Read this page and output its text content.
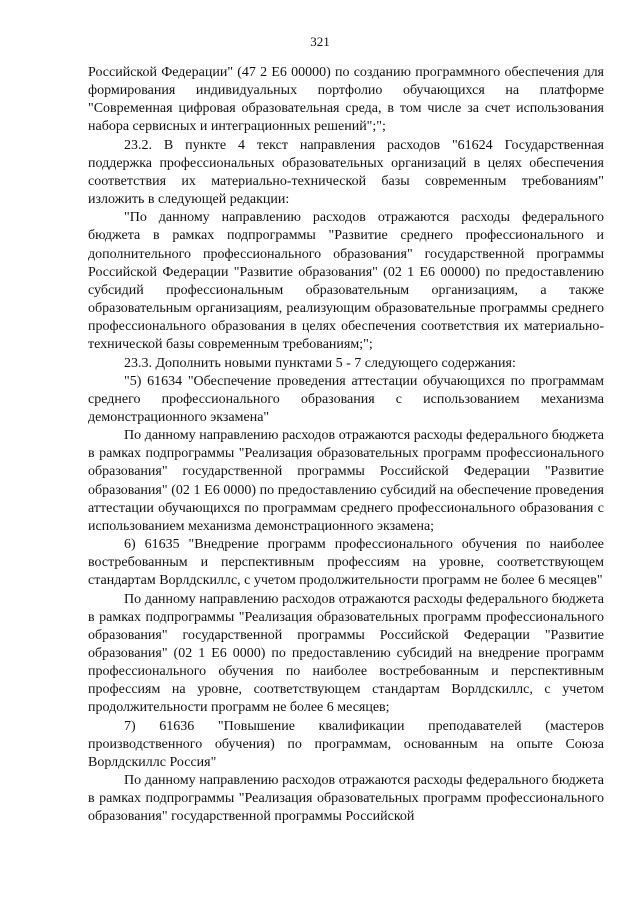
321

Российской Федерации" (47 2 Е6 00000) по созданию программного обеспечения для формирования индивидуальных портфолио обучающихся на платформе "Современная цифровая образовательная среда, в том числе за счет использования набора сервисных и интеграционных решений";";

23.2. В пункте 4 текст направления расходов "61624 Государственная поддержка профессиональных образовательных организаций в целях обеспечения соответствия их материально-технической базы современным требованиям" изложить в следующей редакции:

"По данному направлению расходов отражаются расходы федерального бюджета в рамках подпрограммы "Развитие среднего профессионального и дополнительного профессионального образования" государственной программы Российской Федерации "Развитие образования" (02 1 Е6 00000) по предоставлению субсидий профессиональным образовательным организациям, а также образовательным организациям, реализующим образовательные программы среднего профессионального образования в целях обеспечения соответствия их материально-технической базы современным требованиям;";

23.3. Дополнить новыми пунктами 5 - 7 следующего содержания:

"5) 61634 "Обеспечение проведения аттестации обучающихся по программам среднего профессионального образования с использованием механизма демонстрационного экзамена"

По данному направлению расходов отражаются расходы федерального бюджета в рамках подпрограммы "Реализация образовательных программ профессионального образования" государственной программы Российской Федерации "Развитие образования" (02 1 Е6 0000) по предоставлению субсидий на обеспечение проведения аттестации обучающихся по программам среднего профессионального образования с использованием механизма демонстрационного экзамена;

6) 61635 "Внедрение программ профессионального обучения по наиболее востребованным и перспективным профессиям на уровне, соответствующем стандартам Ворлдскиллс, с учетом продолжительности программ не более 6 месяцев"

По данному направлению расходов отражаются расходы федерального бюджета в рамках подпрограммы "Реализация образовательных программ профессионального образования" государственной программы Российской Федерации "Развитие образования" (02 1 Е6 0000) по предоставлению субсидий на внедрение программ профессионального обучения по наиболее востребованным и перспективным профессиям на уровне, соответствующем стандартам Ворлдскиллс, с учетом продолжительности программ не более 6 месяцев;

7) 61636 "Повышение квалификации преподавателей (мастеров производственного обучения) по программам, основанным на опыте Союза Ворлдскиллс Россия"

По данному направлению расходов отражаются расходы федерального бюджета в рамках подпрограммы "Реализация образовательных программ профессионального образования" государственной программы Российской
